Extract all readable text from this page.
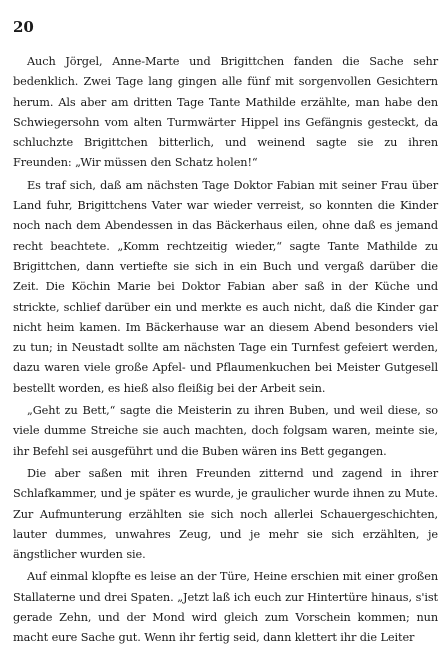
20

Auch Jörgel, Anne-Marte und Brigittchen fanden die Sache sehr bedenklich. Zwei Tage lang gingen alle fünf mit sorgenvollen Gesichtern herum. Als aber am dritten Tage Tante Mathilde erzählte, man habe den Schwiegersohn vom alten Turmwärter Hippel ins Gefängnis gesteckt, da schluchzte Brigittchen bitterlich, und weinend sagte sie zu ihren Freunden: „Wir müssen den Schatz holen!“

Es traf sich, daß am nächsten Tage Doktor Fabian mit seiner Frau über Land fuhr, Brigittchens Vater war wieder verreist, so konnten die Kinder noch nach dem Abendessen in das Bäckerhaus eilen, ohne daß es jemand recht beachtete. „Komm rechtzeitig wieder,“ sagte Tante Mathilde zu Brigittchen, dann vertiefte sie sich in ein Buch und vergaß darüber die Zeit. Die Köchin Marie bei Doktor Fabian aber saß in der Küche und strickte, schlief darüber ein und merkte es auch nicht, daß die Kinder gar nicht heim kamen. Im Bäckerhause war an diesem Abend besonders viel zu tun; in Neustadt sollte am nächsten Tage ein Turnfest gefeiert werden, dazu waren viele große Apfel- und Pflaumenkuchen bei Meister Gutgesell bestellt worden, es hieß also fleißig bei der Arbeit sein.

„Geht zu Bett,“ sagte die Meisterin zu ihren Buben, und weil diese, so viele dumme Streiche sie auch machten, doch folgsam waren, meinte sie, ihr Befehl sei ausgeführt und die Buben wären ins Bett gegangen.

Die aber saßen mit ihren Freunden zitternd und zagend in ihrer Schlafkammer, und je später es wurde, je graulicher wurde ihnen zu Mute. Zur Aufmunterung erzählten sie sich noch allerlei Schauergeschichten, lauter dummes, unwahres Zeug, und je mehr sie sich erzählten, je ängstlicher wurden sie.

Auf einmal klopfte es leise an der Türe, Heine erschien mit einer großen Stallaterne und drei Spaten. „Jetzt laß ich euch zur Hintertüre hinaus, s'ist gerade Zehn, und der Mond wird gleich zum Vorschein kommen; nun macht eure Sache gut. Wenn ihr fertig seid, dann klettert ihr die Leiter
